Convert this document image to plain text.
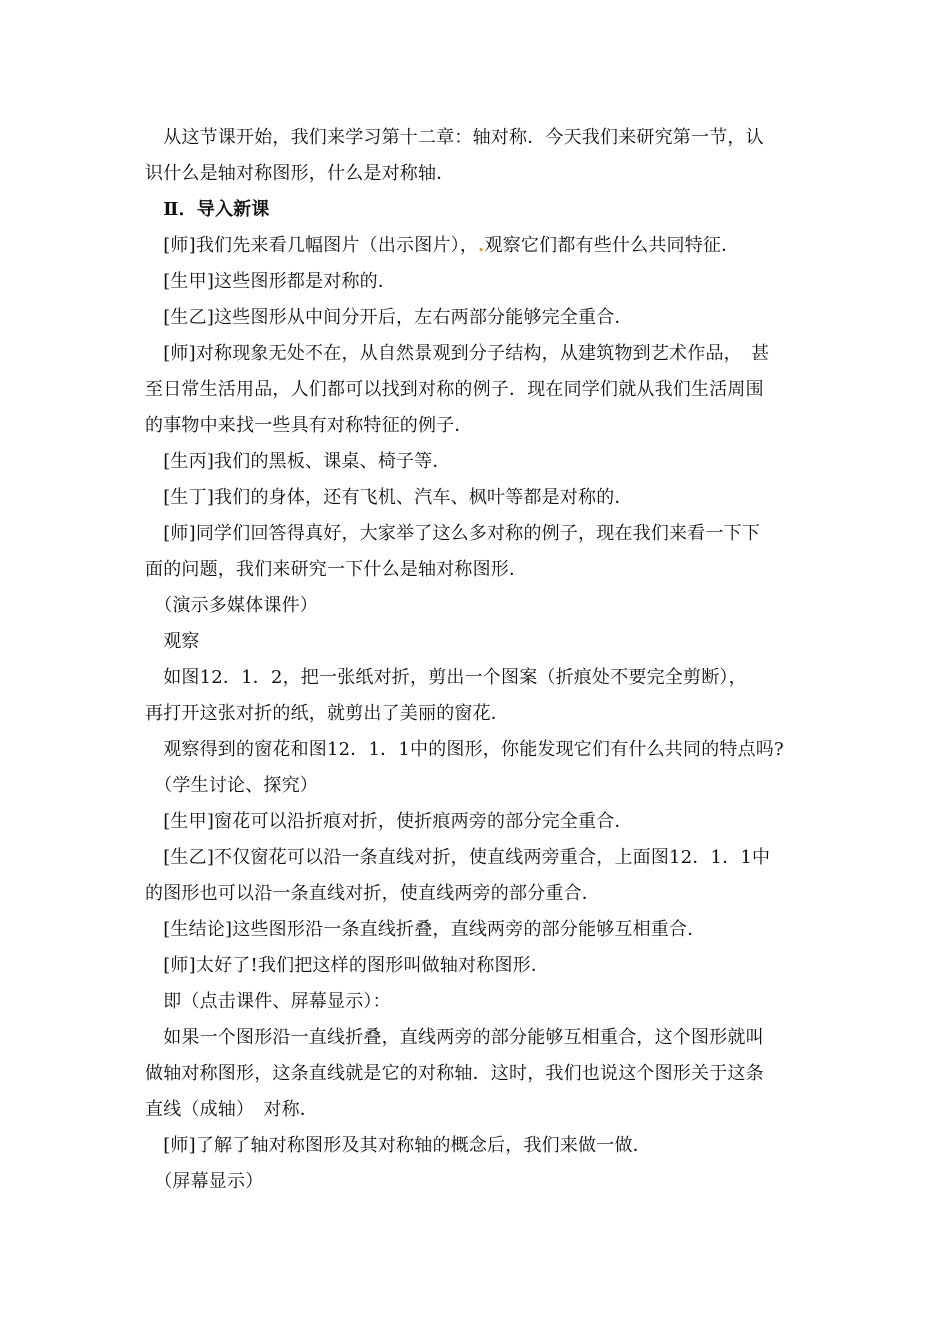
　从这节课开始，我们来学习第十二章：轴对称．今天我们来研究第一节，认
识什么是轴对称图形，什么是对称轴．
　Ⅱ．导入新课
　[师]我们先来看几幅图片（出示图片），.观察它们都有些什么共同特征．
　[生甲]这些图形都是对称的．
　[生乙]这些图形从中间分开后，左右两部分能够完全重合．
　[师]对称现象无处不在，从自然景观到分子结构，从建筑物到艺术作品，　甚
至日常生活用品，人们都可以找到对称的例子．现在同学们就从我们生活周围
的事物中来找一些具有对称特征的例子．
　[生丙]我们的黑板、课桌、椅子等．
　[生丁]我们的身体，还有飞机、汽车、枫叶等都是对称的．
　[师]同学们回答得真好，大家举了这么多对称的例子，现在我们来看一下下
面的问题，我们来研究一下什么是轴对称图形．
　（演示多媒体课件）
　观察
　如图12．1．2，把一张纸对折，剪出一个图案（折痕处不要完全剪断），
再打开这张对折的纸，就剪出了美丽的窗花．
　观察得到的窗花和图12．1．1中的图形，你能发现它们有什么共同的特点吗?
　（学生讨论、探究）
　[生甲]窗花可以沿折痕对折，使折痕两旁的部分完全重合．
　[生乙]不仅窗花可以沿一条直线对折，使直线两旁重合，上面图12．1．1中
的图形也可以沿一条直线对折，使直线两旁的部分重合．
　[生结论]这些图形沿一条直线折叠，直线两旁的部分能够互相重合．
　[师]太好了!我们把这样的图形叫做轴对称图形．
　即（点击课件、屏幕显示）：
　如果一个图形沿一直线折叠，直线两旁的部分能够互相重合，这个图形就叫
做轴对称图形，这条直线就是它的对称轴．这时，我们也说这个图形关于这条
直线（成轴）　对称．
　[师]了解了轴对称图形及其对称轴的概念后，我们来做一做．
　（屏幕显示）
